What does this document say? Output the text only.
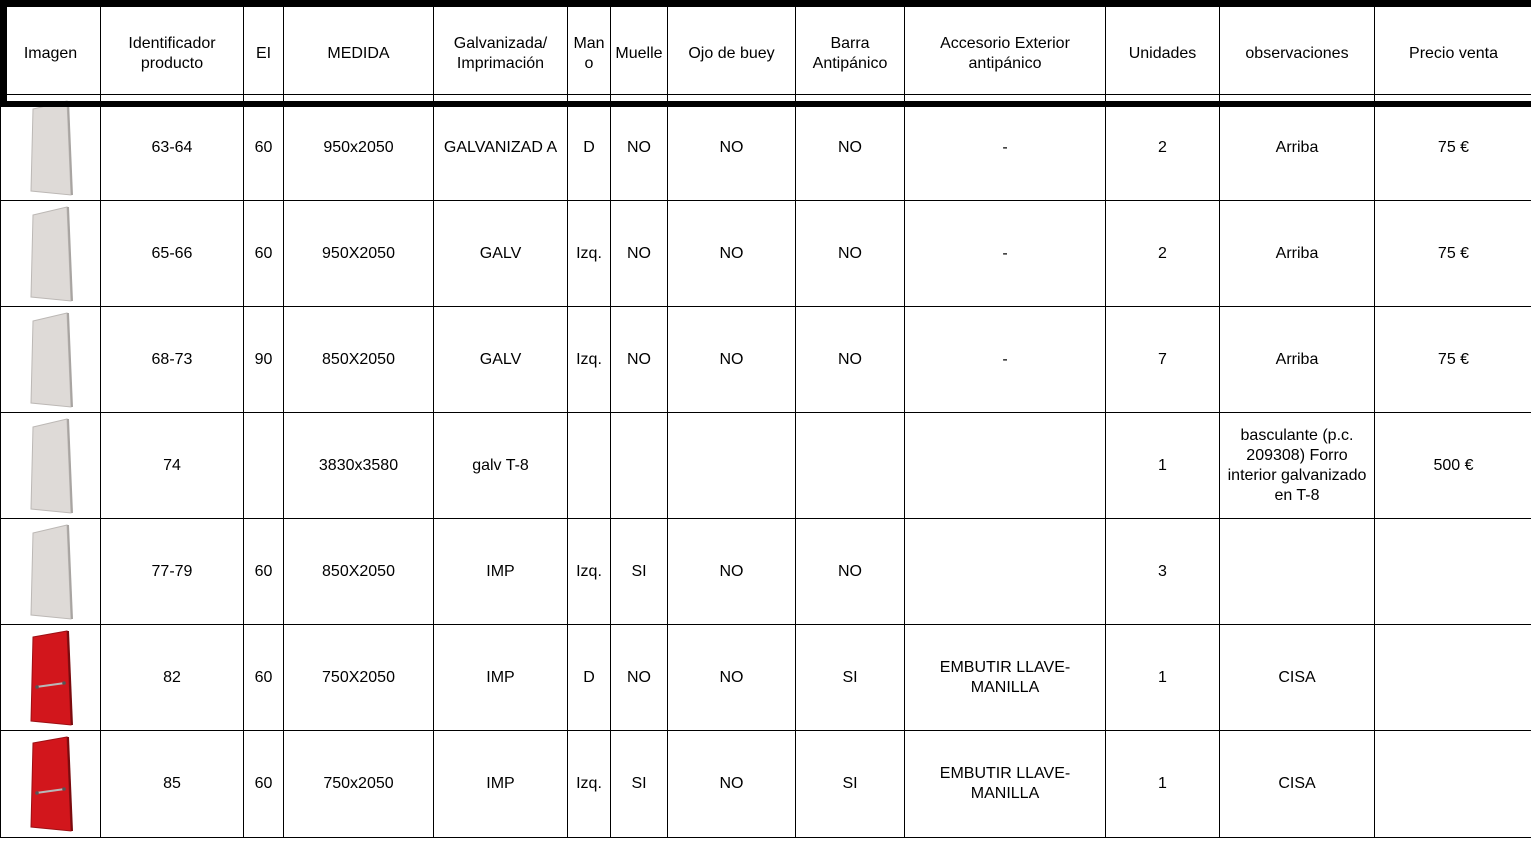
Imagen	Identificador producto	EI	MEDIDA	Galvanizada/ Imprimación	Man o	Muelle	Ojo de buey	Barra Antipánico	Accesorio Exterior antipánico	Unidades	observaciones	Precio venta

	63-64	60	950x2050	GALVANIZAD A	D	NO	NO	NO	-	2	Arriba	75 €

	65-66	60	950X2050	GALV	Izq.	NO	NO	NO	-	2	Arriba	75 €

	68-73	90	850X2050	GALV	Izq.	NO	NO	NO	-	7	Arriba	75 €

	74		3830x3580	galv T-8						1	basculante (p.c. 209308) Forro interior galvanizado en T-8	500 €

	77-79	60	850X2050	IMP	Izq.	SI	NO	NO		3		

	82	60	750X2050	IMP	D	NO	NO	SI	EMBUTIR LLAVE-MANILLA	1	CISA	

	85	60	750x2050	IMP	Izq.	SI	NO	SI	EMBUTIR LLAVE-MANILLA	1	CISA	
